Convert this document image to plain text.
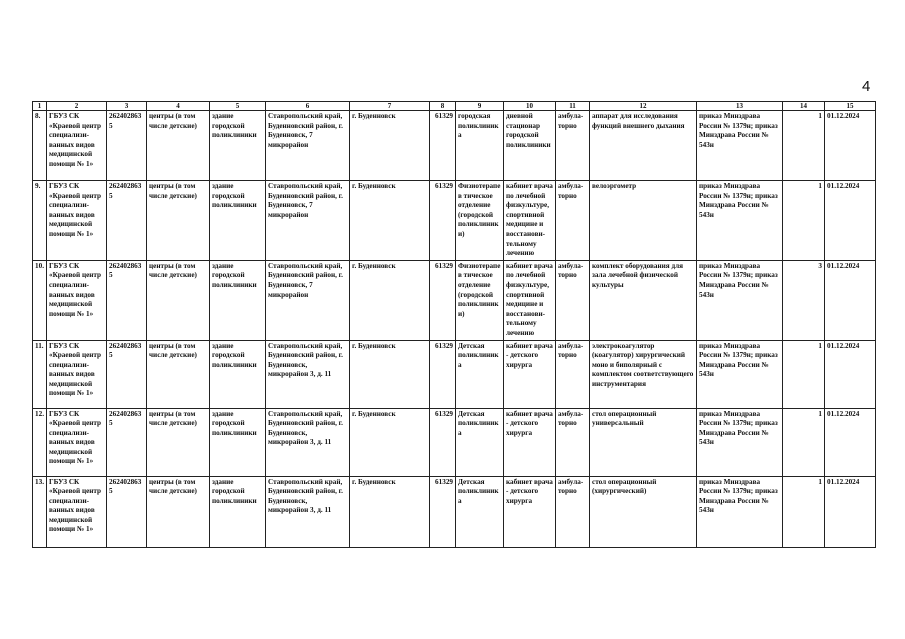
4
1	2	3	4	5	6	7	8	9	10	11	12	13	14	15
8.	ГБУЗ СК «Краевой центр специализи-ванных видов медицинской помощи № 1»	2624028635	центры (в том числе детские)	здание городской поликлиники	Ставропольский край, Буденновский район, г. Буденновск, 7 микрорайон	г. Буденновск	61329	городская поликлиника	дневной стационар городской поликлиники	амбула-торно	аппарат для исследования функций внешнего дыхания	приказ Минздрава России № 1379н; приказ Минздрава России № 543н	1	01.12.2024
9.	ГБУЗ СК «Краевой центр специализи-ванных видов медицинской помощи № 1»	2624028635	центры (в том числе детские)	здание городской поликлиники	Ставропольский край, Буденновский район, г. Буденновск, 7 микрорайон	г. Буденновск	61329	Физиотерапев тическое отделение (городской поликлиники)	кабинет врача по лечебной физкультуре, спортивной медицине и восстанови-тельному лечению	амбула-торно	велоэргометр	приказ Минздрава России № 1379н; приказ Минздрава России № 543н	1	01.12.2024
10.	ГБУЗ СК «Краевой центр специализи-ванных видов медицинской помощи № 1»	2624028635	центры (в том числе детские)	здание городской поликлиники	Ставропольский край, Буденновский район, г. Буденновск, 7 микрорайон	г. Буденновск	61329	Физиотерапев тическое отделение (городской поликлиники)	кабинет врача по лечебной физкультуре, спортивной медицине и восстанови-тельному лечению	амбула-торно	комплект оборудования для зала лечебной физической культуры	приказ Минздрава России № 1379н; приказ Минздрава России № 543н	3	01.12.2024
11.	ГБУЗ СК «Краевой центр специализи-ванных видов медицинской помощи № 1»	2624028635	центры (в том числе детские)	здание городской поликлиники	Ставропольский край, Буденновский район, г. Буденновск, микрорайон 3, д. 11	г. Буденновск	61329	Детская поликлиника	кабинет врача - детского хирурга	амбула-торно	электрокоагулятор (коагулятор) хирургический моно и биполярный с комплектом соответствующего инструментария	приказ Минздрава России № 1379н; приказ Минздрава России № 543н	1	01.12.2024
12.	ГБУЗ СК «Краевой центр специализи-ванных видов медицинской помощи № 1»	2624028635	центры (в том числе детские)	здание городской поликлиники	Ставропольский край, Буденновский район, г. Буденновск, микрорайон 3, д. 11	г. Буденновск	61329	Детская поликлиника	кабинет врача - детского хирурга	амбула-торно	стол операционный универсальный	приказ Минздрава России № 1379н; приказ Минздрава России № 543н	1	01.12.2024
13.	ГБУЗ СК «Краевой центр специализи-ванных видов медицинской помощи № 1»	2624028635	центры (в том числе детские)	здание городской поликлиники	Ставропольский край, Буденновский район, г. Буденновск, микрорайон 3, д. 11	г. Буденновск	61329	Детская поликлиника	кабинет врача - детского хирурга	амбула-торно	стол операционный (хирургический)	приказ Минздрава России № 1379н; приказ Минздрава России № 543н	1	01.12.2024
